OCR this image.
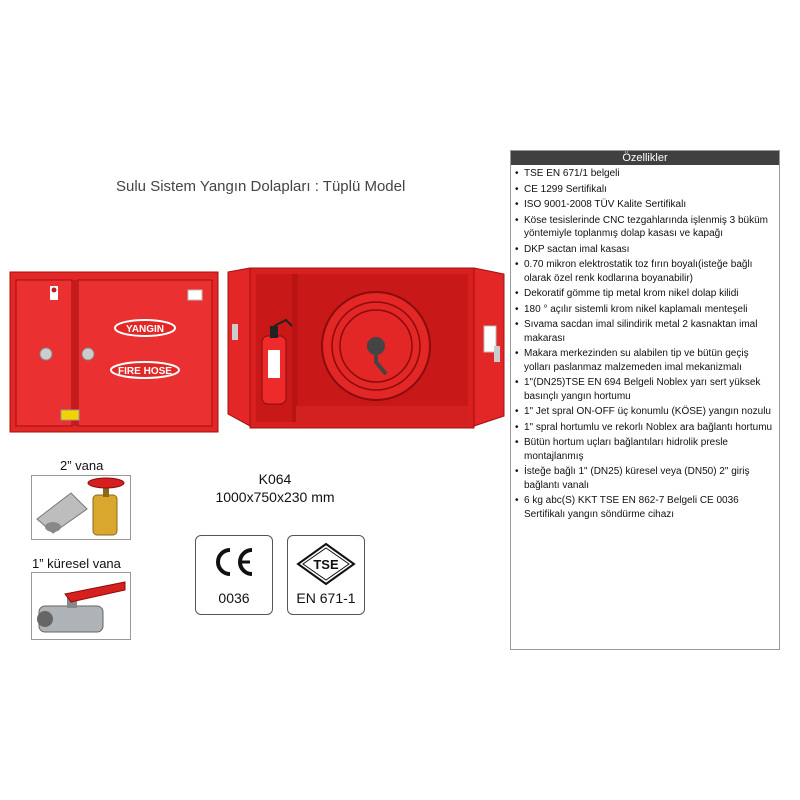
Sulu Sistem Yangın Dolapları : Tüplü Model
YANGIN
FIRE HOSE
2” vana
1” küresel vana
K064
1000x750x230 mm
0036
TSE
EN 671-1
Özellikler
• TSE EN 671/1 belgeli
• CE 1299 Sertifikalı
• ISO 9001-2008 TÜV Kalite Sertifikalı
• Köse tesislerinde CNC tezgahlarında işlenmiş 3 büküm yöntemiyle toplanmış dolap kasası ve kapağı
• DKP sactan imal kasası
• 0.70 mikron elektrostatik toz fırın boyalı(isteğe bağlı olarak özel renk kodlarına boyanabilir)
• Dekoratif gömme tip metal krom nikel dolap kilidi
• 180 ° açılır sistemli krom nikel kaplamalı menteşeli
• Sıvama sacdan imal silindirik metal 2 kasnaktan imal makarası
• Makara merkezinden su alabilen tip ve bütün geçiş yolları paslanmaz malzemeden imal mekanizmalı
• 1"(DN25)TSE EN 694 Belgeli Noblex yarı sert yüksek basınçlı yangın hortumu
• 1" Jet spral ON-OFF üç konumlu (KÖSE) yangın nozulu
• 1" spral hortumlu ve rekorlı Noblex ara bağlantı hortumu
• Bütün hortum uçları bağlantıları hidrolik presle montajlanmış
• İsteğe bağlı 1" (DN25) küresel veya (DN50) 2" giriş bağlantı vanalı
• 6 kg abc(S) KKT TSE EN 862-7 Belgeli CE 0036 Sertifikalı yangın söndürme cihazı
